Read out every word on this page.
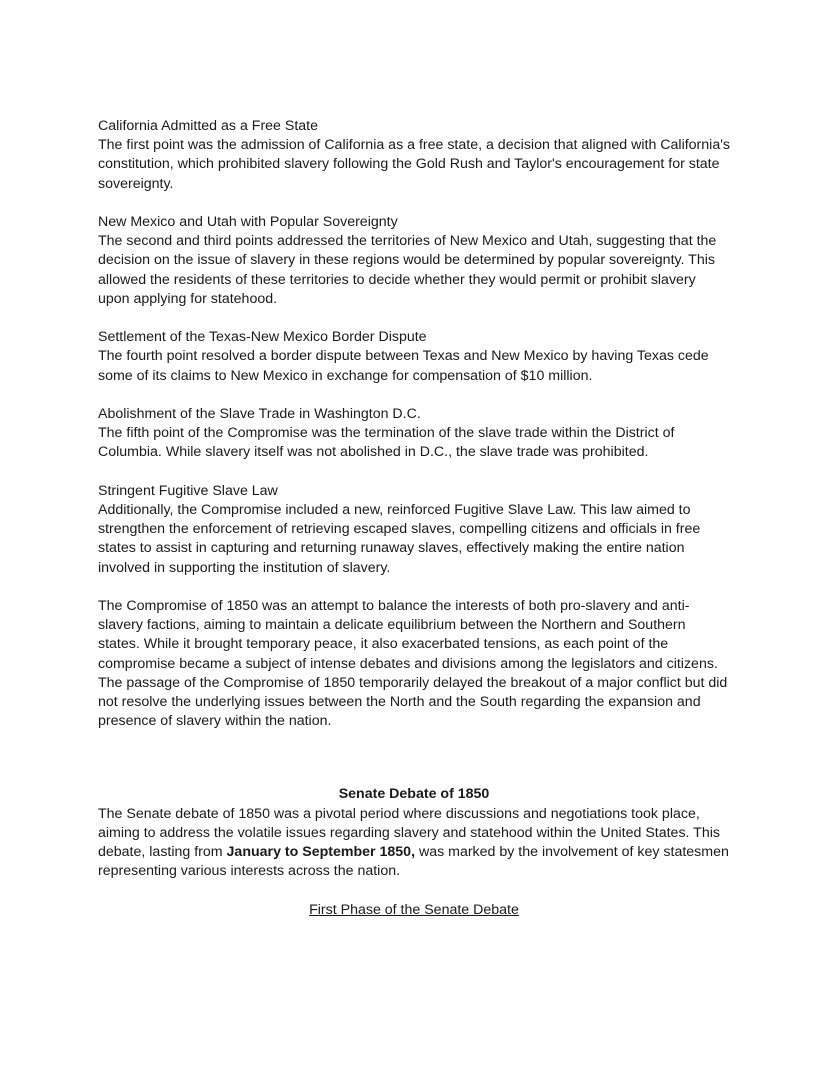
California Admitted as a Free State
The first point was the admission of California as a free state, a decision that aligned with California's constitution, which prohibited slavery following the Gold Rush and Taylor's encouragement for state sovereignty.
New Mexico and Utah with Popular Sovereignty
The second and third points addressed the territories of New Mexico and Utah, suggesting that the decision on the issue of slavery in these regions would be determined by popular sovereignty. This allowed the residents of these territories to decide whether they would permit or prohibit slavery upon applying for statehood.
Settlement of the Texas-New Mexico Border Dispute
The fourth point resolved a border dispute between Texas and New Mexico by having Texas cede some of its claims to New Mexico in exchange for compensation of $10 million.
Abolishment of the Slave Trade in Washington D.C.
The fifth point of the Compromise was the termination of the slave trade within the District of Columbia. While slavery itself was not abolished in D.C., the slave trade was prohibited.
Stringent Fugitive Slave Law
Additionally, the Compromise included a new, reinforced Fugitive Slave Law. This law aimed to strengthen the enforcement of retrieving escaped slaves, compelling citizens and officials in free states to assist in capturing and returning runaway slaves, effectively making the entire nation involved in supporting the institution of slavery.

The Compromise of 1850 was an attempt to balance the interests of both pro-slavery and anti-slavery factions, aiming to maintain a delicate equilibrium between the Northern and Southern states. While it brought temporary peace, it also exacerbated tensions, as each point of the compromise became a subject of intense debates and divisions among the legislators and citizens. The passage of the Compromise of 1850 temporarily delayed the breakout of a major conflict but did not resolve the underlying issues between the North and the South regarding the expansion and presence of slavery within the nation.

Senate Debate of 1850

The Senate debate of 1850 was a pivotal period where discussions and negotiations took place, aiming to address the volatile issues regarding slavery and statehood within the United States. This debate, lasting from January to September 1850, was marked by the involvement of key statesmen representing various interests across the nation.

First Phase of the Senate Debate
